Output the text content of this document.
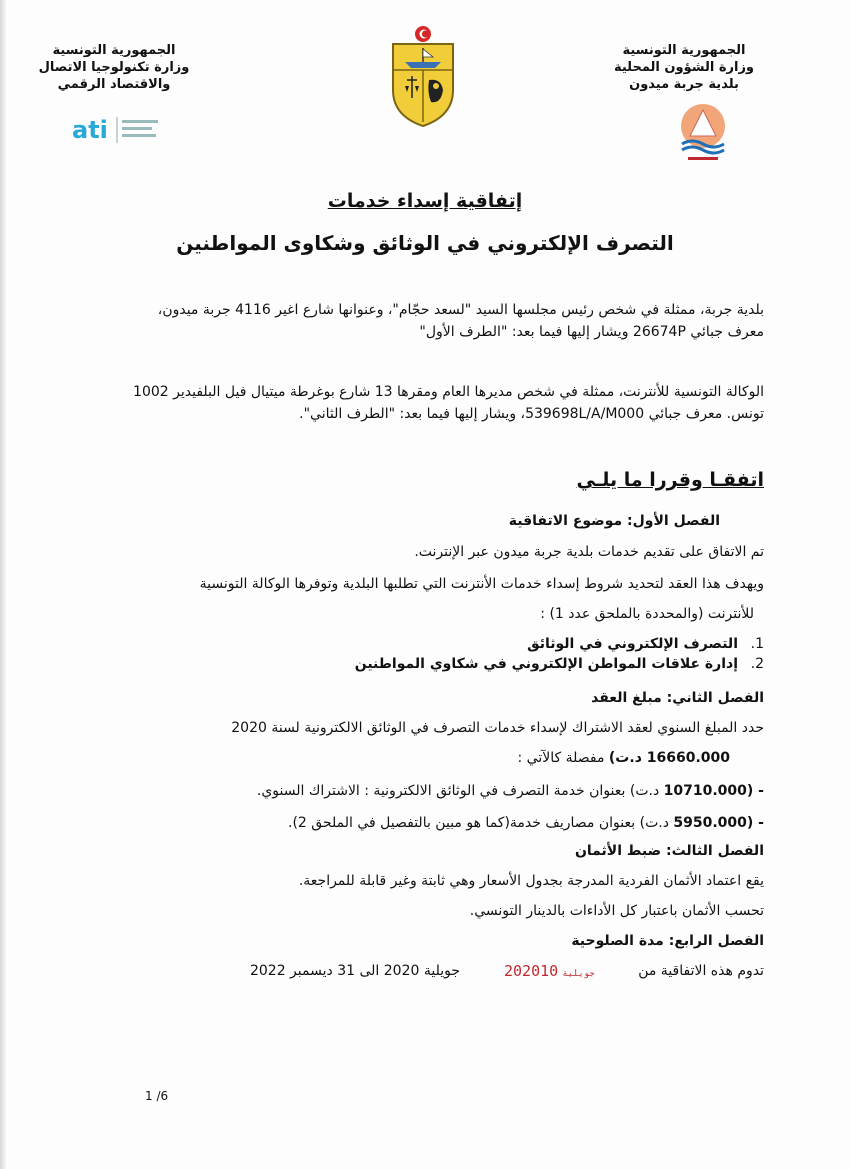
الجمهورية التونسية
وزارة الشؤون المحلية
بلدية جربة ميدون
الجمهورية التونسية
وزارة تكنولوجيا الاتصال
والاقتصاد الرقمي
ati
إتفاقية إسداء خدمات
التصرف الإلكتروني في الوثائق وشكاوى المواطنين
بلدية جربة، ممثلة في شخص رئيس مجلسها السيد "لسعد حجّام"، وعنوانها شارع اغير 4116 جربة ميدون،
معرف جبائي 26674P ويشار إليها فيما بعد: "الطرف الأول"
الوكالة التونسية للأنترنت، ممثلة في شخص مديرها العام ومقرها 13 شارع بوغرطة ميتيال فيل البلفيدير 1002
تونس. معرف جبائي 539698L/A/M000، ويشار إليها فيما بعد: "الطرف الثاني".
اتفقـا وقررا ما يلـي
الفصل الأول: موضوع الاتفاقية
تم الاتفاق على تقديم خدمات بلدية جربة ميدون عبر الإنترنت.
ويهدف هذا العقد لتحديد شروط إسداء خدمات الأنترنت التي تطلبها البلدية وتوفرها الوكالة التونسية
للأنترنت (والمحددة بالملحق عدد 1) :
1.
التصرف الإلكتروني في الوثائق
2.
إدارة علاقات المواطن الإلكتروني في شكاوي المواطنين
الفصل الثاني: مبلغ العقد
حدد المبلغ السنوي لعقد الاشتراك لإسداء خدمات التصرف في الوثائق الالكترونية لسنة 2020
16660.000 د.ت) مفصلة كالآتي :
- (10710.000 د.ت) بعنوان خدمة التصرف في الوثائق الالكترونية : الاشتراك السنوي.
- (5950.000 د.ت) بعنوان مصاريف خدمة(كما هو مبين بالتفصيل في الملحق 2).
الفصل الثالث: ضبط الأثمان
يقع اعتماد الأثمان الفردية المدرجة بجدول الأسعار وهي ثابتة وغير قابلة للمراجعة.
تحسب الأثمان باعتبار كل الأداءات بالدينار التونسي.
الفصل الرابع: مدة الصلوحية
تدوم هذه الاتفاقية من
جويلية 2020 الى 31 ديسمبر 2022	2020 جويلية10
1 /6
